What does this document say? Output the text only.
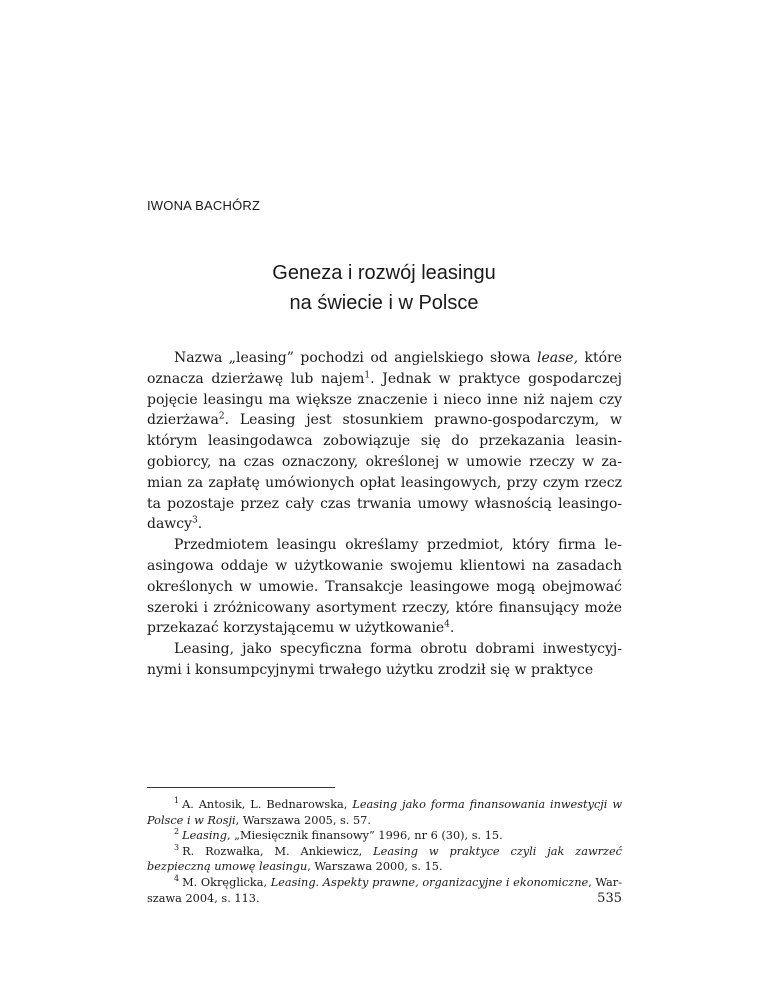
IWONA BACHÓRZ
Geneza i rozwój leasingu
na świecie i w Polsce

Nazwa „leasing” pochodzi od angielskiego słowa lease, które oznacza dzierżawę lub najem$^1$. Jednak w praktyce gospodarczej pojęcie leasingu ma większe znaczenie i nieco inne niż najem czy dzierżawa$^2$. Leasing jest stosunkiem prawno-gospodarczym, w którym leasingodawca zobowiązuje się do przekazania leasingobiorcy, na czas oznaczony, określonej w umowie rzeczy w zamian za zapłatę umówionych opłat leasingowych, przy czym rzecz ta pozostaje przez cały czas trwania umowy własnością leasingodawcy$^3$.

Przedmiotem leasingu określamy przedmiot, który firma leasingowa oddaje w użytkowanie swojemu klientowi na zasadach określonych w umowie. Transakcje leasingowe mogą obejmować szeroki i zróżnicowany asortyment rzeczy, które finansujący może przekazać korzystającemu w użytkowanie$^4$.

Leasing, jako specyficzna forma obrotu dobrami inwestycyjnymi i konsumpcyjnymi trwałego użytku zrodził się w praktyce

$^1$ A. Antosik, L. Bednarowska, Leasing jako forma finansowania inwestycji w Polsce i w Rosji, Warszawa 2005, s. 57.

$^2$ Leasing, „Miesięcznik finansowy” 1996, nr 6 (30), s. 15.

$^3$ R. Rozwałka, M. Ankiewicz, Leasing w praktyce czyli jak zawrzeć bezpieczną umowę leasingu, Warszawa 2000, s. 15.

$^4$ M. Okręglicka, Leasing. Aspekty prawne, organizacyjne i ekonomiczne, Warszawa 2004, s. 113.	535
